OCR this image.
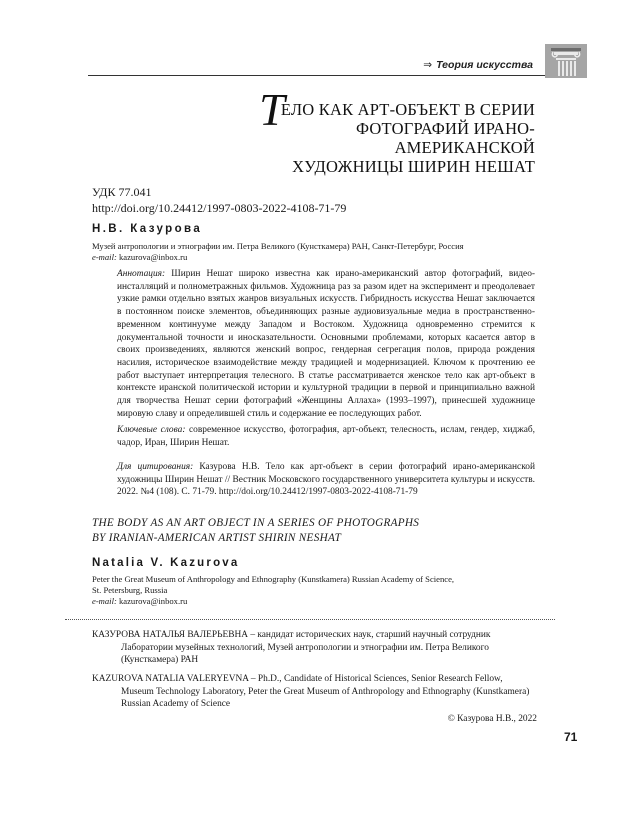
⇒ Теория искусства
ТЕЛО КАК АРТ-ОБЪЕКТ В СЕРИИ
ФОТОГРАФИЙ ИРАНО-АМЕРИКАНСКОЙ
ХУДОЖНИЦЫ ШИРИН НЕШАТ
УДК 77.041
http://doi.org/10.24412/1997-0803-2022-4108-71-79
Н.В. Казурова
Музей антропологии и этнографии им. Петра Великого (Кунсткамера) РАН, Санкт-Петербург, Россия
e-mail: kazurova@inbox.ru
Аннотация: Ширин Нешат широко известна как ирано-американский автор фотографий, видео-инсталляций и полнометражных фильмов. Художница раз за разом идет на эксперимент и преодолевает узкие рамки отдельно взятых жанров визуальных искусств. Гибридность искусства Нешат заключается в постоянном поиске элементов, объединяющих разные аудиовизуальные медиа в пространственно-временном континууме между Западом и Востоком. Художница одновременно стремится к документальной точности и иносказательности. Основными проблемами, которых касается автор в своих произведениях, являются женский вопрос, гендерная сегрегация полов, природа рождения насилия, историческое взаимодействие между традицией и модернизацией. Ключом к прочтению ее работ выступает интерпретация телесного. В статье рассматривается женское тело как арт-объект в контексте иранской политической истории и культурной традиции в первой и принципиально важной для творчества Нешат серии фотографий «Женщины Аллаха» (1993–1997), принесшей художнице мировую славу и определившей стиль и содержание ее последующих работ.
Ключевые слова: современное искусство, фотография, арт-объект, телесность, ислам, гендер, хиджаб, чадор, Иран, Ширин Нешат.
Для цитирования: Казурова Н.В. Тело как арт-объект в серии фотографий ирано-американской художницы Ширин Нешат // Вестник Московского государственного университета культуры и искусств. 2022. №4 (108). С. 71-79. http://doi.org/10.24412/1997-0803-2022-4108-71-79
THE BODY AS AN ART OBJECT IN A SERIES OF PHOTOGRAPHS
BY IRANIAN-AMERICAN ARTIST SHIRIN NESHAT
Natalia V. Kazurova
Peter the Great Museum of Anthropology and Ethnography (Kunstkamera) Russian Academy of Science,
St. Petersburg, Russia
e-mail: kazurova@inbox.ru
КАЗУРОВА НАТАЛЬЯ ВАЛЕРЬЕВНА – кандидат исторических наук, старший научный сотрудник
Лаборатории музейных технологий, Музей антропологии и этнографии им. Петра Великого
(Кунсткамера) РАН
KAZUROVA NATALIA VALERYEVNA – Ph.D., Candidate of Historical Sciences, Senior Research Fellow,
Museum Technology Laboratory, Peter the Great Museum of Anthropology and Ethnography (Kunstkamera)
Russian Academy of Science
© Казурова Н.В., 2022
71
